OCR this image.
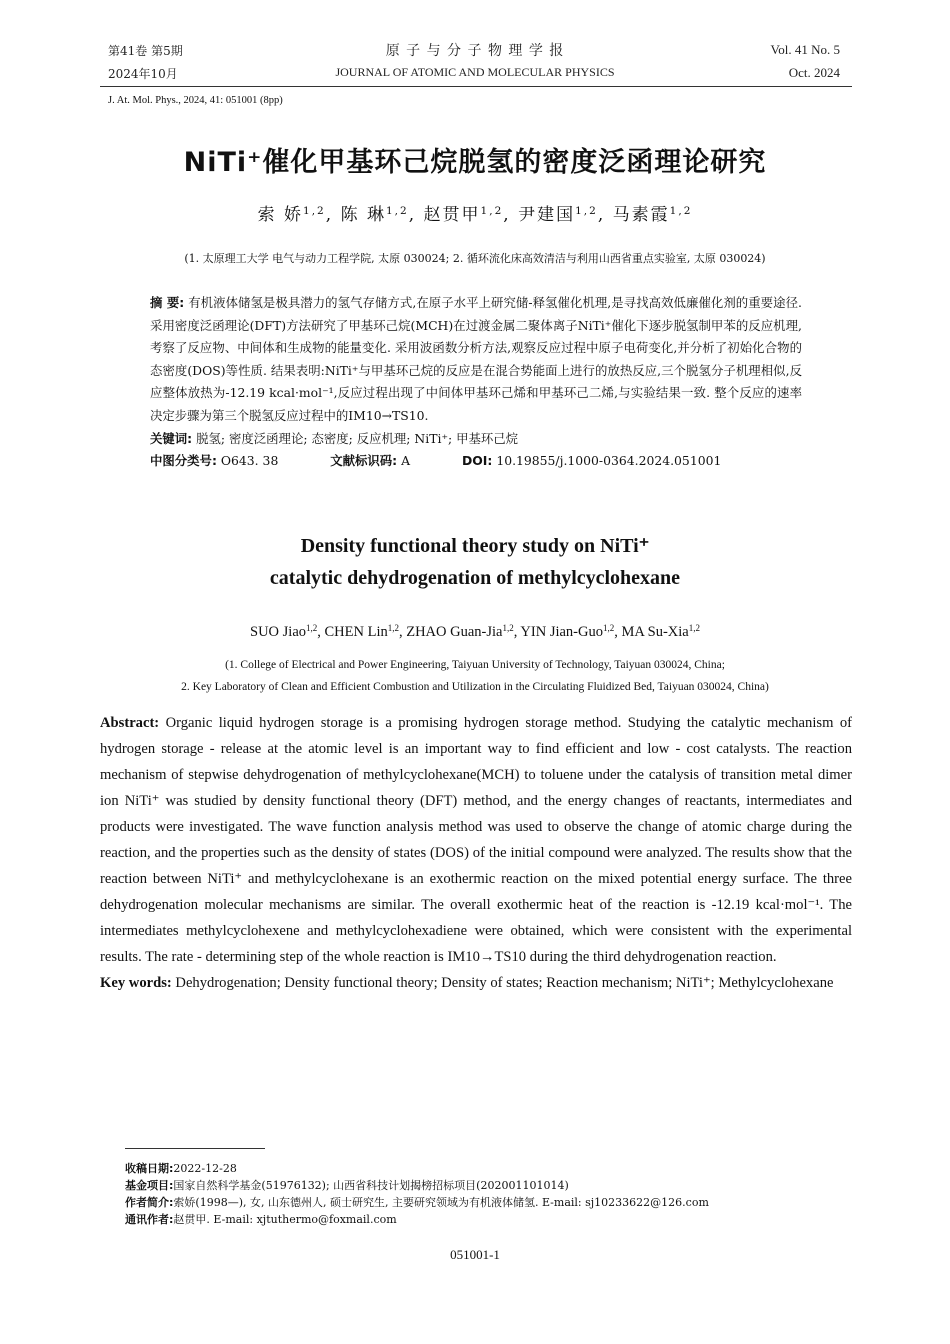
第41卷 第5期
2024年10月
原 子 与 分 子 物 理 学 报
JOURNAL OF ATOMIC AND MOLECULAR PHYSICS
Vol. 41 No. 5
Oct. 2024
J. At. Mol. Phys., 2024, 41: 051001 (8pp)
NiTi⁺催化甲基环己烷脱氢的密度泛函理论研究
索 娇$^{1,2}$, 陈 琳$^{1,2}$, 赵贯甲$^{1,2}$, 尹建国$^{1,2}$, 马素霞$^{1,2}$
(1. 太原理工大学 电气与动力工程学院, 太原 030024; 2. 循环流化床高效清洁与利用山西省重点实验室, 太原 030024)
摘 要: 有机液体储氢是极具潜力的氢气存储方式,在原子水平上研究储-释氢催化机理,是寻找高效低廉催化剂的重要途径. 采用密度泛函理论(DFT)方法研究了甲基环己烷(MCH)在过渡金属二聚体离子NiTi⁺催化下逐步脱氢制甲苯的反应机理,考察了反应物、中间体和生成物的能量变化. 采用波函数分析方法,观察反应过程中原子电荷变化,并分析了初始化合物的态密度(DOS)等性质. 结果表明:NiTi⁺与甲基环己烷的反应是在混合势能面上进行的放热反应,三个脱氢分子机理相似,反应整体放热为-12.19 kcal·mol⁻¹,反应过程出现了中间体甲基环己烯和甲基环己二烯,与实验结果一致. 整个反应的速率决定步骤为第三个脱氢反应过程中的IM10→TS10.
关键词: 脱氢; 密度泛函理论; 态密度; 反应机理; NiTi⁺; 甲基环己烷
中图分类号: O643. 38	文献标识码: A	DOI: 10.19855/j.1000-0364.2024.051001
Density functional theory study on NiTi⁺
catalytic dehydrogenation of methylcyclohexane
SUO Jiao$^{1,2}$, CHEN Lin$^{1,2}$, ZHAO Guan-Jia$^{1,2}$, YIN Jian-Guo$^{1,2}$, MA Su-Xia$^{1,2}$
(1. College of Electrical and Power Engineering, Taiyuan University of Technology, Taiyuan 030024, China;
2. Key Laboratory of Clean and Efficient Combustion and Utilization in the Circulating Fluidized Bed, Taiyuan 030024, China)
Abstract: Organic liquid hydrogen storage is a promising hydrogen storage method. Studying the catalytic mechanism of hydrogen storage - release at the atomic level is an important way to find efficient and low - cost catalysts. The reaction mechanism of stepwise dehydrogenation of methylcyclohexane(MCH) to toluene under the catalysis of transition metal dimer ion NiTi⁺ was studied by density functional theory (DFT) method, and the energy changes of reactants, intermediates and products were investigated. The wave function analysis method was used to observe the change of atomic charge during the reaction, and the properties such as the density of states (DOS) of the initial compound were analyzed. The results show that the reaction between NiTi⁺ and methylcyclohexane is an exothermic reaction on the mixed potential energy surface. The three dehydrogenation molecular mechanisms are similar. The overall exothermic heat of the reaction is -12.19 kcal·mol⁻¹. The intermediates methylcyclohexene and methylcyclohexadiene were obtained, which were consistent with the experimental results. The rate - determining step of the whole reaction is IM10→TS10 during the third dehydrogenation reaction.
Key words: Dehydrogenation; Density functional theory; Density of states; Reaction mechanism; NiTi⁺; Methylcyclohexane
收稿日期:2022-12-28
基金项目:国家自然科学基金(51976132); 山西省科技计划揭榜招标项目(202001101014)
作者简介:索娇(1998—), 女, 山东德州人, 硕士研究生, 主要研究领域为有机液体储氢. E-mail: sj10233622@126.com
通讯作者:赵贯甲. E-mail: xjtuthermo@foxmail.com
051001-1
